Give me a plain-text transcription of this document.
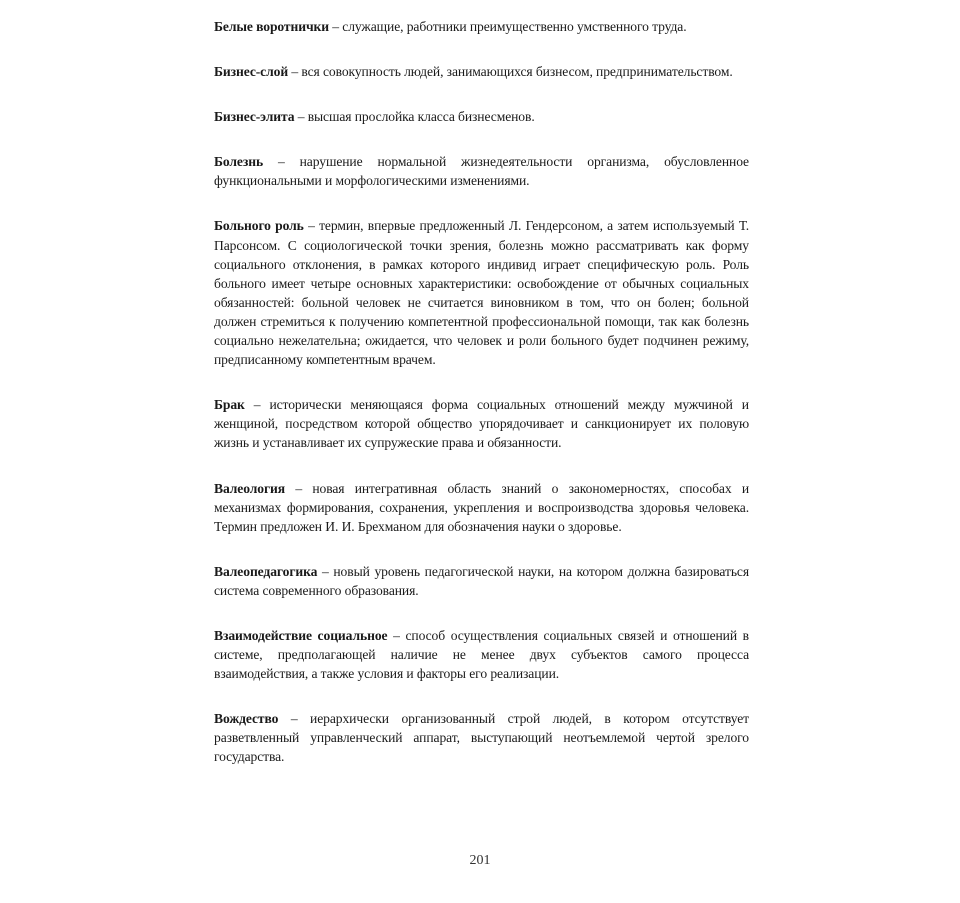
Белые воротнички – служащие, работники преимущественно умственного труда.

Бизнес-слой – вся совокупность людей, занимающихся бизнесом, предпринимательством.

Бизнес-элита – высшая прослойка класса бизнесменов.

Болезнь – нарушение нормальной жизнедеятельности организма, обусловленное функциональными и морфологическими изменениями.

Больного роль – термин, впервые предложенный Л. Гендерсоном, а затем используемый Т. Парсонсом. С социологической точки зрения, болезнь можно рассматривать как форму социального отклонения, в рамках которого индивид играет специфическую роль. Роль больного имеет четыре основных характеристики: освобождение от обычных социальных обязанностей: больной человек не считается виновником в том, что он болен; больной должен стремиться к получению компетентной профессиональной помощи, так как болезнь социально нежелательна; ожидается, что человек и роли больного будет подчинен режиму, предписанному компетентным врачем.

Брак – исторически меняющаяся форма социальных отношений между мужчиной и женщиной, посредством которой общество упорядочивает и санкционирует их половую жизнь и устанавливает их супружеские права и обязанности.

Валеология – новая интегративная область знаний о закономерностях, способах и механизмах формирования, сохранения, укрепления и воспроизводства здоровья человека. Термин предложен И. И. Брехманом для обозначения науки о здоровье.

Валеопедагогика – новый уровень педагогической науки, на котором должна базироваться система современного образования.

Взаимодействие социальное – способ осуществления социальных связей и отношений в системе, предполагающей наличие не менее двух субъектов самого процесса взаимодействия, а также условия и факторы его реализации.

Вождество – иерархически организованный строй людей, в котором отсутствует разветвленный управленческий аппарат, выступающий неотъемлемой чертой зрелого государства.

201
